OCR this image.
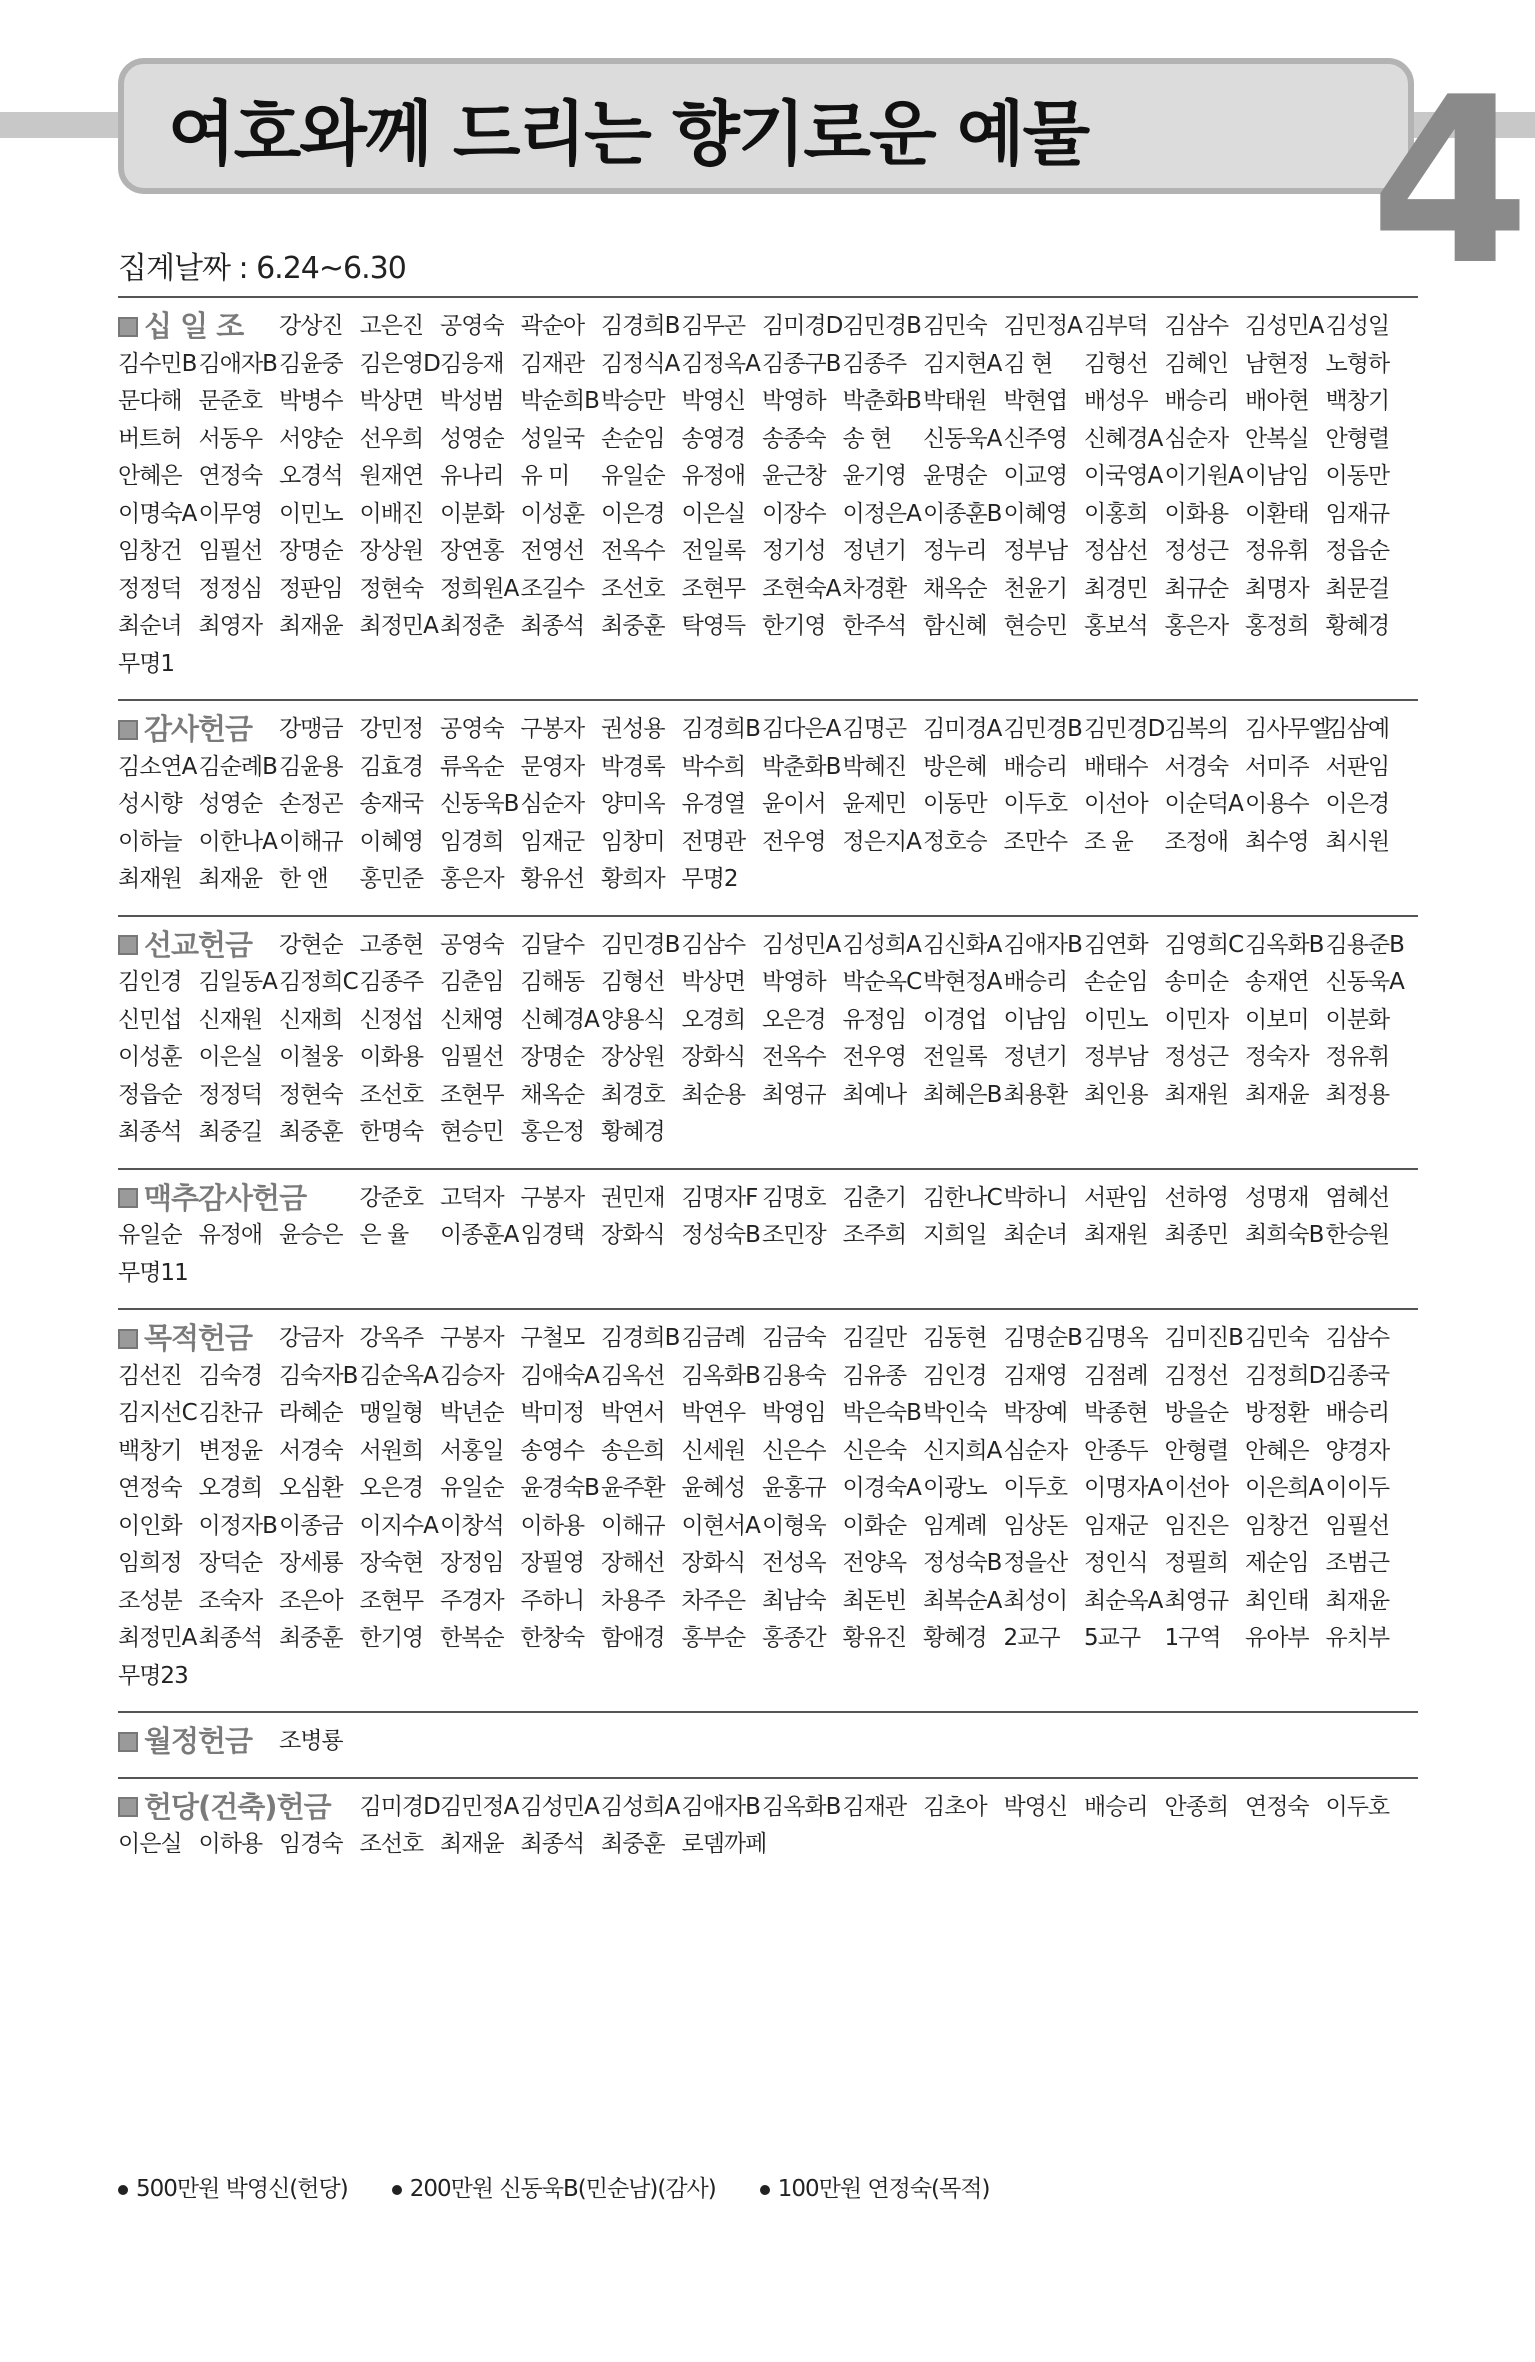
여호와께 드리는 향기로운 예물 4
집계날짜 : 6.24~6.30
십 일 조 강상진 고은진 공영숙 곽순아 김경희B 김무곤 김미경D 김민경B 김민숙 김민정A 김부덕 김삼수 김성민A 김성일
김수민B 김애자B 김윤중 김은영D 김응재 김재관 김정식A 김정옥A 김종구B 김종주 김지현A 김 현	김형선 김혜인 남현정 노형하
문다해 문준호 박병수 박상면 박성범 박순희B 박승만 박영신 박영하 박춘화B 박태원 박현엽 배성우 배승리 배아현 백창기
버트허 서동우 서양순 선우희 성영순 성일국 손순임 송영경 송종숙 송 현	신동욱A 신주영 신혜경A 심순자 안복실 안형렬
안혜은 연정숙 오경석 원재연 유나리 유 미	유일순 유정애 윤근창 윤기영 윤명순 이교영 이국영A 이기원A 이남임 이동만
이명숙A 이무영 이민노 이배진 이분화 이성훈 이은경 이은실 이장수 이정은A 이종훈B 이혜영 이홍희 이화용 이환태 임재규
임창건 임필선 장명순 장상원 장연홍 전영선 전옥수 전일록 정기성 정년기 정누리 정부남 정삼선 정성근 정유휘 정읍순
정정덕 정정심 정판임 정현숙 정희원A 조길수 조선호 조현무 조현숙A 차경환 채옥순 천윤기 최경민 최규순 최명자 최문걸
최순녀 최영자 최재윤 최정민A 최정춘 최종석 최중훈 탁영득 한기영 한주석 함신혜 현승민 홍보석 홍은자 홍정희 황혜경
무명1
감사헌금 강맹금 강민정 공영숙 구봉자 권성용 김경희B 김다은A 김명곤 김미경A 김민경B 김민경D 김복의 김사무엘
김삼예
김소연A 김순례B 김윤용 김효경 류옥순 문영자 박경록 박수희 박춘화B 박혜진 방은혜 배승리 배태수 서경숙 서미주 서판임
성시향 성영순 손정곤 송재국 신동욱B 심순자 양미옥 유경열 윤이서 윤제민 이동만 이두호 이선아 이순덕A 이용수 이은경
이하늘 이한나A 이해규 이혜영 임경희 임재군 임창미 전명관 전우영 정은지A 정호승 조만수 조 윤	조정애 최수영 최시원
최재원 최재윤 한 앤	홍민준 홍은자 황유선 황희자 무명2
선교헌금 강현순 고종현 공영숙 김달수 김민경B 김삼수 김성민A 김성희A 김신화A 김애자B 김연화 김영희C 김옥화B 김용준B
김인경 김일동A 김정희C 김종주 김춘임 김해동 김형선 박상면 박영하 박순옥C 박현정A 배승리 손순임 송미순 송재연 신동욱A
신민섭 신재원 신재희 신정섭 신채영 신혜경A 양용식 오경희 오은경 유정임 이경업 이남임 이민노 이민자 이보미 이분화
이성훈 이은실 이철웅 이화용 임필선 장명순 장상원 장화식 전옥수 전우영 전일록 정년기 정부남 정성근 정숙자 정유휘
정읍순 정정덕 정현숙 조선호 조현무 채옥순 최경호 최순용 최영규 최예나 최혜은B 최용환 최인용 최재원 최재윤 최정용
최종석 최중길 최중훈 한명숙 현승민 홍은정 황혜경
맥추감사헌금 강준호 고덕자 구봉자 권민재 김명자F 김명호 김춘기 김한나C 박하니 서판임 선하영 성명재 염혜선
유일순 유정애 윤승은 은 율	이종훈A 임경택 장화식 정성숙B 조민장 조주희 지희일 최순녀 최재원 최종민 최희숙B 한승원
무명11
목적헌금 강금자 강옥주 구봉자 구철모 김경희B 김금례 김금숙 김길만 김동현 김명순B 김명옥 김미진B 김민숙 김삼수
김선진 김숙경 김숙자B 김순옥A 김승자 김애숙A 김옥선 김옥화B 김용숙 김유종 김인경 김재영 김점례 김정선 김정희D 김종국
김지선C 김찬규 라혜순 맹일형 박년순 박미정 박연서 박연우 박영임 박은숙B 박인숙 박장예 박종현 방을순 방정환 배승리
백창기 변정윤 서경숙 서원희 서홍일 송영수 송은희 신세원 신은수 신은숙 신지희A 심순자 안종두 안형렬 안혜은 양경자
연정숙 오경희 오심환 오은경 유일순 윤경숙B 윤주환 윤혜성 윤홍규 이경숙A 이광노 이두호 이명자A 이선아 이은희A 이이두
이인화 이정자B 이종금 이지수A 이창석 이하용 이해규 이현서A 이형욱 이화순 임계례 임상돈 임재군 임진은 임창건 임필선
임희정 장덕순 장세룡 장숙현 장정임 장필영 장해선 장화식 전성옥 전양옥 정성숙B 정을산 정인식 정필희 제순임 조범근
조성분 조숙자 조은아 조현무 주경자 주하니 차용주 차주은 최남숙 최돈빈 최복순A 최성이 최순옥A 최영규 최인태 최재윤
최정민A 최종석 최중훈 한기영 한복순 한창숙 함애경 홍부순 홍종간 황유진 황혜경 2교구	5교구	1구역	유아부 유치부
무명23
월정헌금 조병룡
헌당(건축)헌금 김미경D 김민정A 김성민A 김성희A 김애자B 김옥화B 김재관 김초아 박영신 배승리 안종희 연정숙 이두호
이은실 이하용 임경숙 조선호 최재윤 최종석 최중훈 로뎀까페
500만원 박영신(헌당)	200만원 신동욱B(민순남)(감사)	100만원 연정숙(목적)
